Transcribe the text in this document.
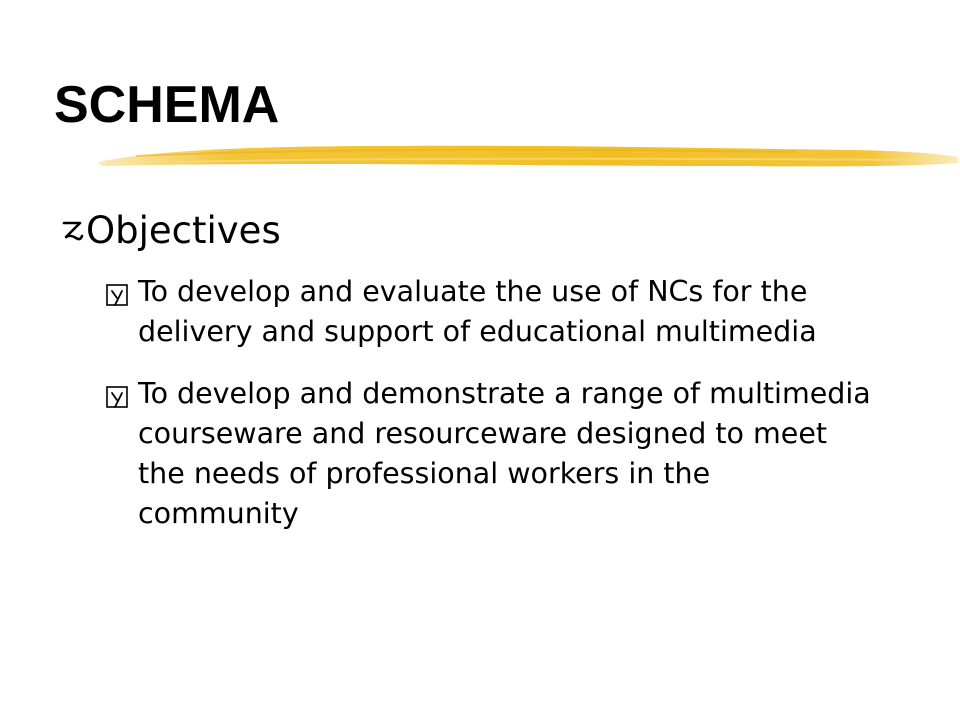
SCHEMA
Objectives
To develop and evaluate the use of NCs for the delivery and support of educational multimedia
To develop and demonstrate a range of multimedia courseware and resourceware designed to meet the needs of professional workers in the community
